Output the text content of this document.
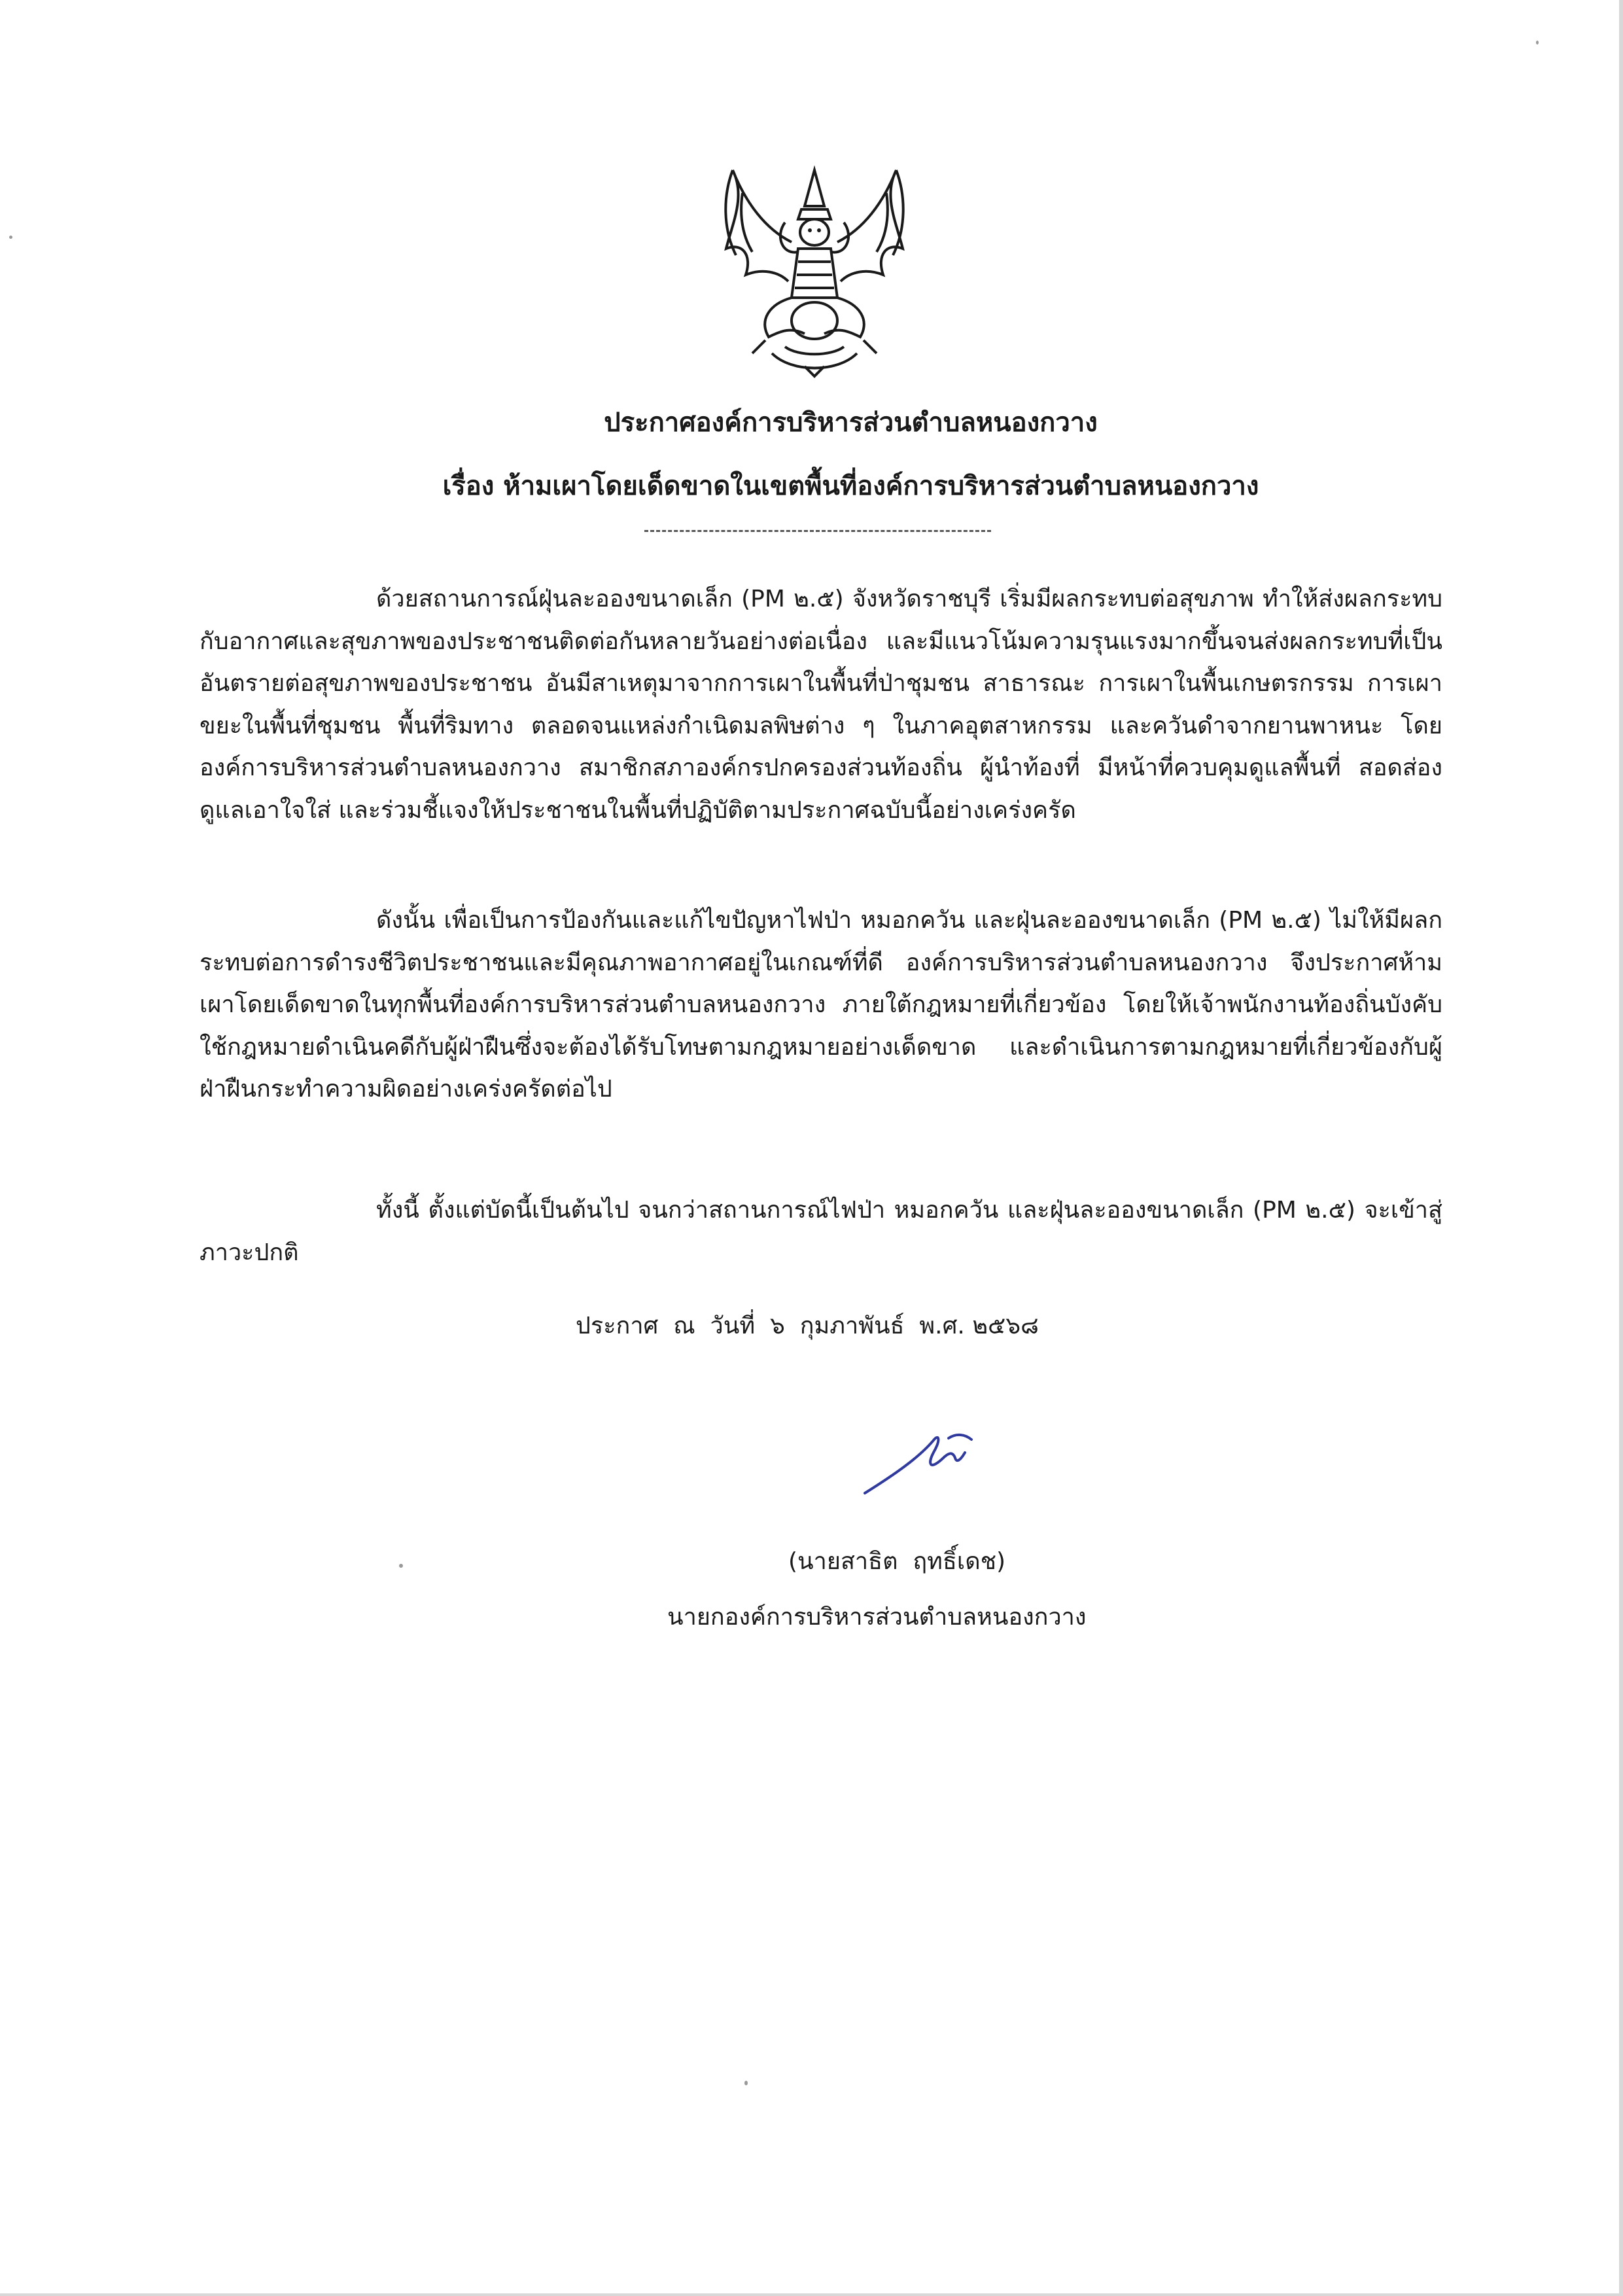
ประกาศองค์การบริหารส่วนตำบลหนองกวาง
เรื่อง ห้ามเผาโดยเด็ดขาดในเขตพื้นที่องค์การบริหารส่วนตำบลหนองกวาง

ด้วยสถานการณ์ฝุ่นละอองขนาดเล็ก (PM ๒.๕) จังหวัดราชบุรี เริ่มมีผลกระทบต่อสุขภาพ ทำให้ส่งผลกระทบกับอากาศและสุขภาพของประชาชนติดต่อกันหลายวันอย่างต่อเนื่อง และมีแนวโน้มความรุนแรงมากขึ้นจนส่งผลกระทบที่เป็นอันตรายต่อสุขภาพของประชาชน อันมีสาเหตุมาจากการเผาในพื้นที่ป่าชุมชน สาธารณะ การเผาในพื้นเกษตรกรรม การเผาขยะในพื้นที่ชุมชน พื้นที่ริมทาง ตลอดจนแหล่งกำเนิดมลพิษต่าง ๆ ในภาคอุตสาหกรรม และควันดำจากยานพาหนะ โดยองค์การบริหารส่วนตำบลหนองกวาง สมาชิกสภาองค์กรปกครองส่วนท้องถิ่น ผู้นำท้องที่ มีหน้าที่ควบคุมดูแลพื้นที่ สอดส่อง ดูแลเอาใจใส่ และร่วมชี้แจงให้ประชาชนในพื้นที่ปฏิบัติตามประกาศฉบับนี้อย่างเคร่งครัด

ดังนั้น เพื่อเป็นการป้องกันและแก้ไขปัญหาไฟป่า หมอกควัน และฝุ่นละอองขนาดเล็ก (PM ๒.๕) ไม่ให้มีผลกระทบต่อการดำรงชีวิตประชาชนและมีคุณภาพอากาศอยู่ในเกณฑ์ที่ดี องค์การบริหารส่วนตำบลหนองกวาง จึงประกาศห้ามเผาโดยเด็ดขาดในทุกพื้นที่องค์การบริหารส่วนตำบลหนองกวาง ภายใต้กฎหมายที่เกี่ยวข้อง โดยให้เจ้าพนักงานท้องถิ่นบังคับใช้กฎหมายดำเนินคดีกับผู้ฝ่าฝืนซึ่งจะต้องได้รับโทษตามกฎหมายอย่างเด็ดขาด และดำเนินการตามกฎหมายที่เกี่ยวข้องกับผู้ฝ่าฝืนกระทำความผิดอย่างเคร่งครัดต่อไป

ทั้งนี้ ตั้งแต่บัดนี้เป็นต้นไป จนกว่าสถานการณ์ไฟป่า หมอกควัน และฝุ่นละอองขนาดเล็ก (PM ๒.๕) จะเข้าสู่ภาวะปกติ

ประกาศ  ณ  วันที่  ๖  กุมภาพันธ์  พ.ศ. ๒๕๖๘
(นายสาธิต  ฤทธิ์เดช)
นายกองค์การบริหารส่วนตำบลหนองกวาง
